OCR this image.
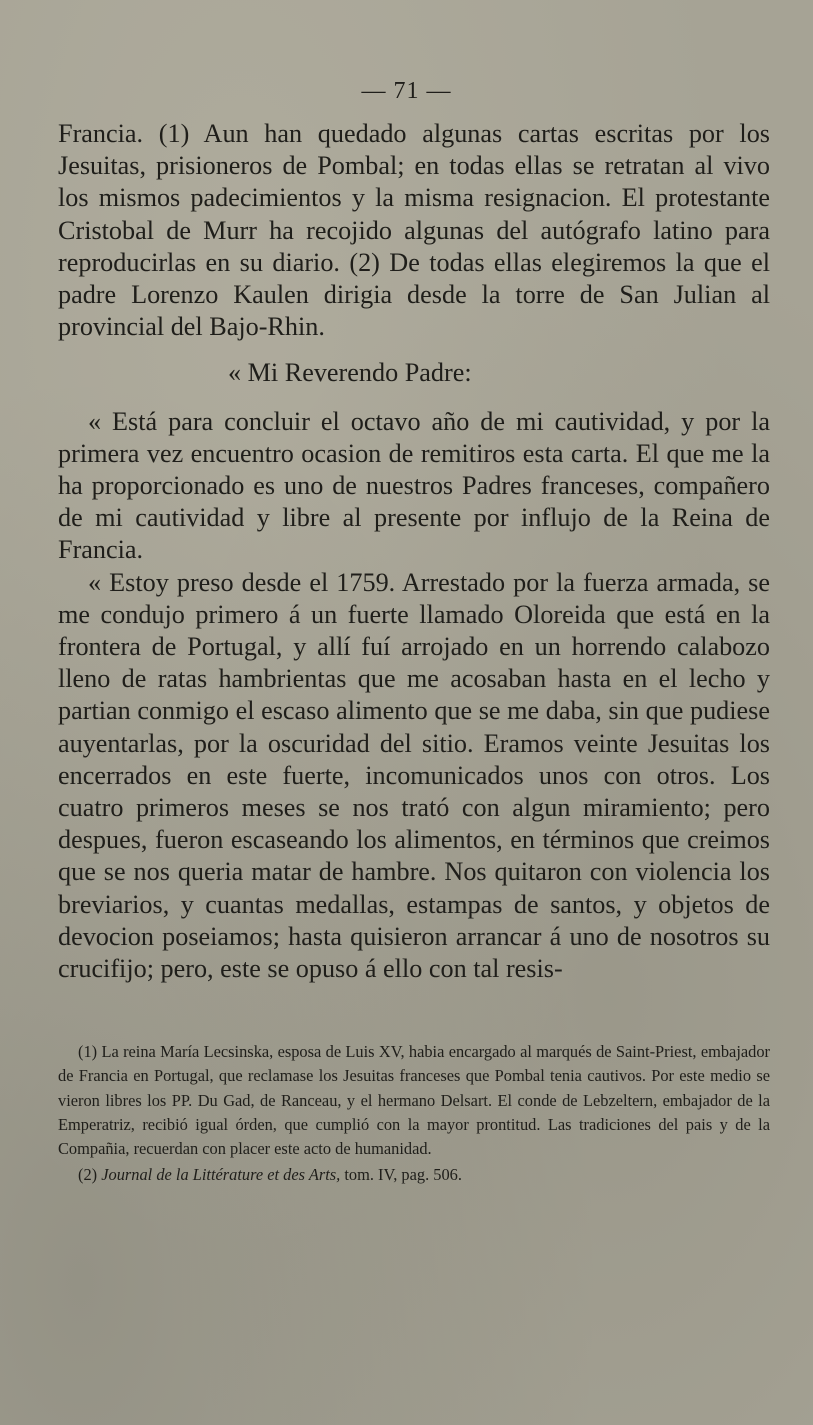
— 71 —

Francia. (1) Aun han quedado algunas cartas escritas por los Jesuitas, prisioneros de Pombal; en todas ellas se retratan al vivo los mismos padecimientos y la misma resignacion. El protestante Cristobal de Murr ha recojido algunas del autógrafo latino para reproducirlas en su diario. (2) De todas ellas elegiremos la que el padre Lorenzo Kaulen dirigia desde la torre de San Julian al provincial del Bajo-Rhin.

« Mi Reverendo Padre:

« Está para concluir el octavo año de mi cautividad, y por la primera vez encuentro ocasion de remitiros esta carta. El que me la ha proporcionado es uno de nuestros Padres franceses, compañero de mi cautividad y libre al presente por influjo de la Reina de Francia.

« Estoy preso desde el 1759. Arrestado por la fuerza armada, se me condujo primero á un fuerte llamado Oloreida que está en la frontera de Portugal, y allí fuí arrojado en un horrendo calabozo lleno de ratas hambrientas que me acosaban hasta en el lecho y partian conmigo el escaso alimento que se me daba, sin que pudiese auyentarlas, por la oscuridad del sitio. Eramos veinte Jesuitas los encerrados en este fuerte, incomunicados unos con otros. Los cuatro primeros meses se nos trató con algun miramiento; pero despues, fueron escaseando los alimentos, en términos que creimos que se nos queria matar de hambre. Nos quitaron con violencia los breviarios, y cuantas medallas, estampas de santos, y objetos de devocion poseiamos; hasta quisieron arrancar á uno de nosotros su crucifijo; pero, este se opuso á ello con tal resis-

(1) La reina María Lecsinska, esposa de Luis XV, habia encargado al marqués de Saint-Priest, embajador de Francia en Portugal, que reclamase los Jesuitas franceses que Pombal tenia cautivos. Por este medio se vieron libres los PP. Du Gad, de Ranceau, y el hermano Delsart. El conde de Lebzeltern, embajador de la Emperatriz, recibió igual órden, que cumplió con la mayor prontitud. Las tradiciones del pais y de la Compañia, recuerdan con placer este acto de humanidad.

(2) Journal de la Littérature et des Arts, tom. IV, pag. 506.
